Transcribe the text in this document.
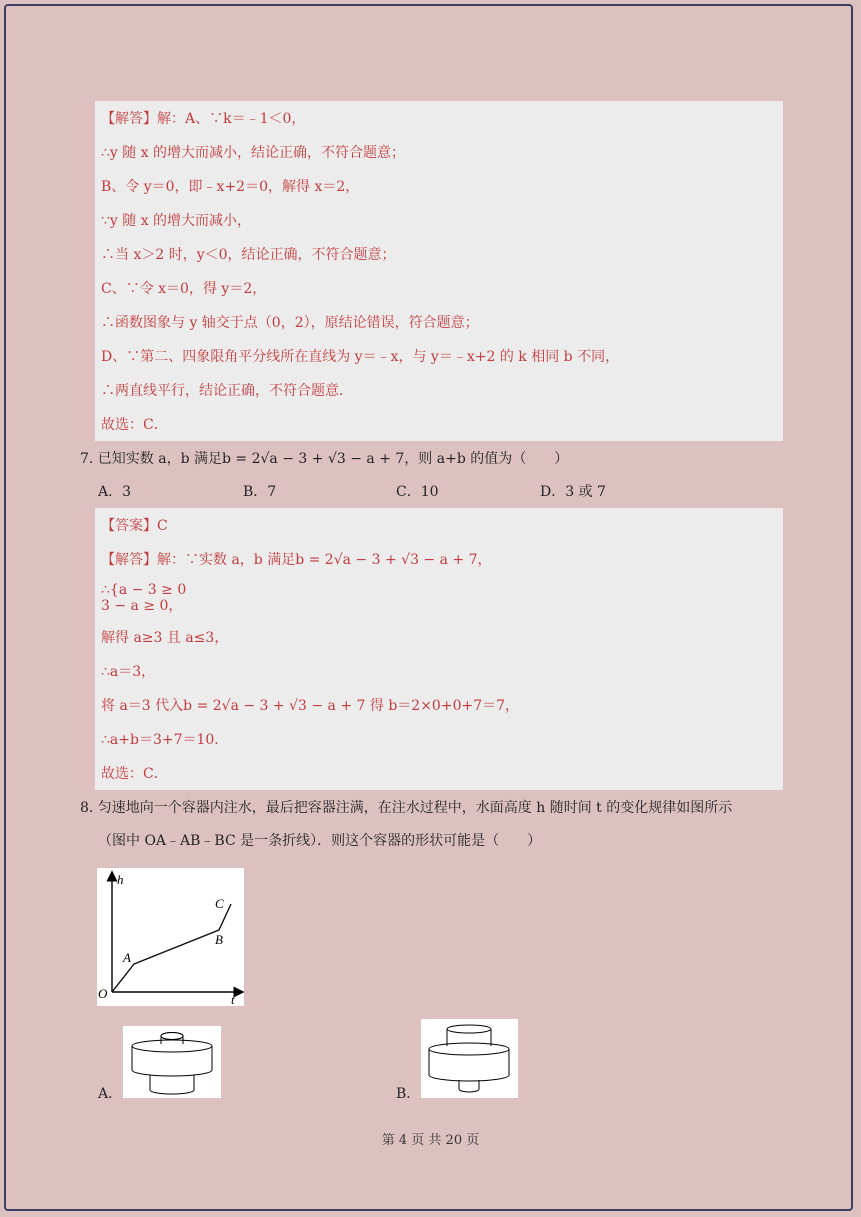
【解答】解：A、∵k＝﹣1＜0，
∴y 随 x 的增大而减小，结论正确，不符合题意；
B、令 y＝0，即﹣x+2＝0，解得 x＝2，
∵y 随 x 的增大而减小，
∴当 x＞2 时，y＜0，结论正确，不符合题意；
C、∵令 x＝0，得 y＝2，
∴函数图象与 y 轴交于点（0，2），原结论错误，符合题意；
D、∵第二、四象限角平分线所在直线为 y＝﹣x，与 y＝﹣x+2 的 k 相同 b 不同，
∴两直线平行，结论正确，不符合题意．
故选：C．
7. 已知实数 a，b 满足b = 2√a − 3 + √3 − a + 7，则 a+b 的值为（　　）
A．3	B．7	C．10	D．3 或 7
【答案】C
【解答】解：∵实数 a，b 满足b = 2√a − 3 + √3 − a + 7，
∴{a − 3 ≥ 0
3 − a ≥ 0，
解得 a≥3 且 a≤3，
∴a＝3，
将 a＝3 代入b = 2√a − 3 + √3 − a + 7 得 b＝2×0+0+7＝7，
∴a+b＝3+7＝10．
故选：C．
8. 匀速地向一个容器内注水，最后把容器注满，在注水过程中，水面高度 h 随时间 t 的变化规律如图所示
（图中 OA﹣AB﹣BC 是一条折线）．则这个容器的形状可能是（　　）
h
t
O
A
B
C
A．	B．
第 4 页 共 20 页
